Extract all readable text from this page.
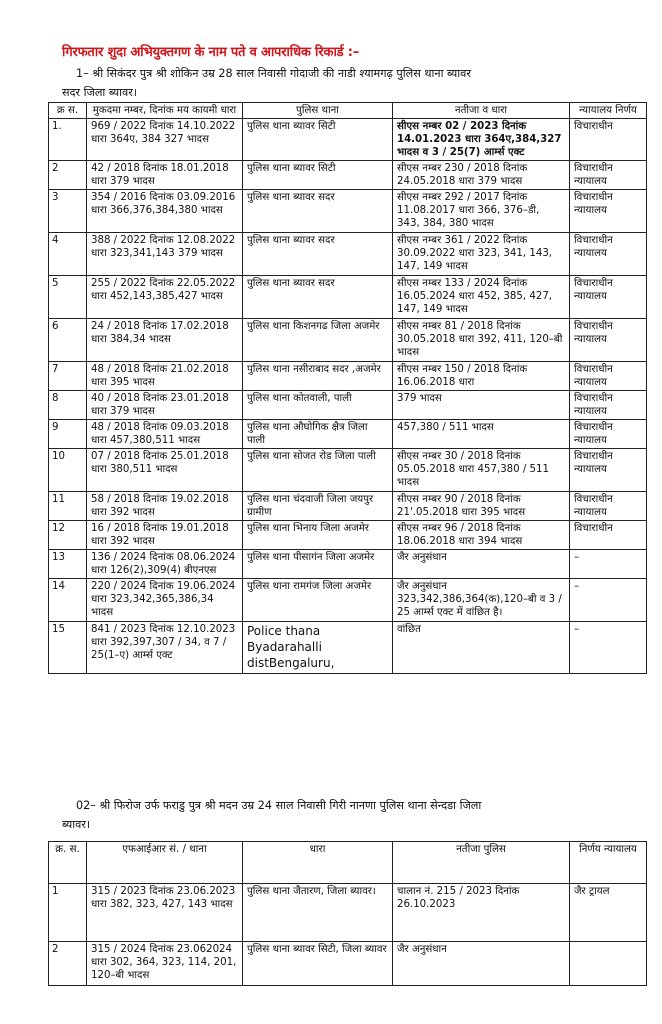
गिरफतार शुदा अभियुक्तगण के नाम पते व आपराधिक रिकार्ड :–
1– श्री सिकंदर पुत्र श्री शोकिन उम्र 28 साल निवासी गोदाजी की नाडी श्यामगढ़ पुलिस थाना ब्यावर
सदर जिला ब्यावर।
क्र स.	मुकदमा नम्बर, दिनांक मय कायमी धारा	पुलिस थाना	नतीजा व धारा	न्यायालय निर्णय
1.	969 / 2022 दिनांक 14.10.2022 धारा 364ए, 384 327 भादस	पुलिस थाना ब्यावर सिटी	सीएस नम्बर 02 / 2023 दिनांक 14.01.2023 धारा 364ए,384,327 भादस व 3 / 25(7) आर्म्स एक्ट	विचाराधीन
2	42 / 2018 दिनांक 18.01.2018 धारा 379 भादस	पुलिस थाना ब्यावर सिटी	सीएस नम्बर 230 / 2018 दिनांक 24.05.2018 धारा 379 भादस	विचाराधीन न्यायालय
3	354 / 2016 दिनांक 03.09.2016 धारा 366,376,384,380 भादस	पुलिस थाना ब्यावर सदर	सीएस नम्बर 292 / 2017 दिनांक 11.08.2017 धारा 366, 376–डी, 343, 384, 380 भादस	विचाराधीन न्यायालय
4	388 / 2022 दिनांक 12.08.2022 धारा 323,341,143 379 भादस	पुलिस थाना ब्यावर सदर	सीएस नम्बर 361 / 2022 दिनांक 30.09.2022 धारा 323, 341, 143, 147, 149 भादस	विचाराधीन न्यायालय
5	255 / 2022 दिनांक 22.05.2022 धारा 452,143,385,427 भादस	पुलिस थाना ब्यावर सदर	सीएस नम्बर 133 / 2024 दिनांक 16.05.2024 धारा 452, 385, 427, 147, 149 भादस	विचाराधीन न्यायालय
6	24 / 2018 दिनांक 17.02.2018 धारा 384,34 भादस	पुलिस थाना किशनगढ जिला अजमेर	सीएस नम्बर 81 / 2018 दिनांक 30.05.2018 धारा 392, 411, 120–बी भादस	विचाराधीन न्यायालय
7	48 / 2018 दिनांक 21.02.2018 धारा 395 भादस	पुलिस थाना नसीराबाद सदर ,अजमेर	सीएस नम्बर 150 / 2018 दिनांक 16.06.2018 धारा	विचाराधीन न्यायालय
8	40 / 2018 दिनांक 23.01.2018 धारा 379 भादस	पुलिस थाना कोतवाली, पाली	379 भादस	विचाराधीन न्यायालय
9	48 / 2018 दिनांक 09.03.2018 धारा 457,380,511 भादस	पुलिस थाना औघोगिक क्षैत्र जिला पाली	457,380 / 511 भादस	विचाराधीन न्यायालय
10	07 / 2018 दिनांक 25.01.2018 धारा 380,511 भादस	पुलिस थाना सोजत रोड जिला पाली	सीएस नम्बर 30 / 2018 दिनांक 05.05.2018 धारा 457,380 / 511 भादस	विचाराधीन न्यायालय
11	58 / 2018 दिनांक 19.02.2018 धारा 392 भादस	पुलिस थाना चंदवाजी जिला जयपुर ग्रामीण	सीएस नम्बर 90 / 2018 दिनांक 21'.05.2018 धारा 395 भादस	विचाराधीन न्यायालय
12	16 / 2018 दिनांक 19.01.2018 धारा 392 भादस	पुलिस थाना भिनाय जिला अजमेर	सीएस नम्बर 96 / 2018 दिनांक 18.06.2018 धारा 394 भादस	विचाराधीन
13	136 / 2024 दिनांक 08.06.2024 धारा 126(2),309(4) बीएनएस	पुलिस थाना पीसागंन जिला अजमेर	जैर अनुसंधान	–
14	220 / 2024 दिनांक 19.06.2024 धारा 323,342,365,386,34 भादस	पुलिस थाना रामगंज जिला अजमेर	जैर अनुसंधान 323,342,386,364(क),120–बी व 3 / 25 आर्म्स एक्ट में वांछित है।	–
15	841 / 2023 दिनांक 12.10.2023 धारा 392,397,307 / 34, व 7 / 25(1–ए) आर्म्स एक्ट	Police thana Byadarahalli distBengaluru,	वांछित	–
02– श्री फिरोज उर्फ फराडु पुत्र श्री मदन उम्र 24 साल निवासी गिरी नानणा पुलिस थाना सेन्दडा जिला
ब्यावर।
क्र. स.	एफआईआर सं. / थाना	धारा	नतीजा पुलिस	निर्णय न्यायालय
1	315 / 2023 दिनांक 23.06.2023 धारा 382, 323, 427, 143 भादस	पुलिस थाना जैतारण, जिला ब्यावर।	चालान नं. 215 / 2023 दिनांक 26.10.2023	जैर ट्रायल
2	315 / 2024 दिनांक 23.062024 धारा 302, 364, 323, 114, 201, 120–बी भादस	पुलिस थाना ब्यावर सिटी, जिला ब्यावर	जैर अनुसंधान	
